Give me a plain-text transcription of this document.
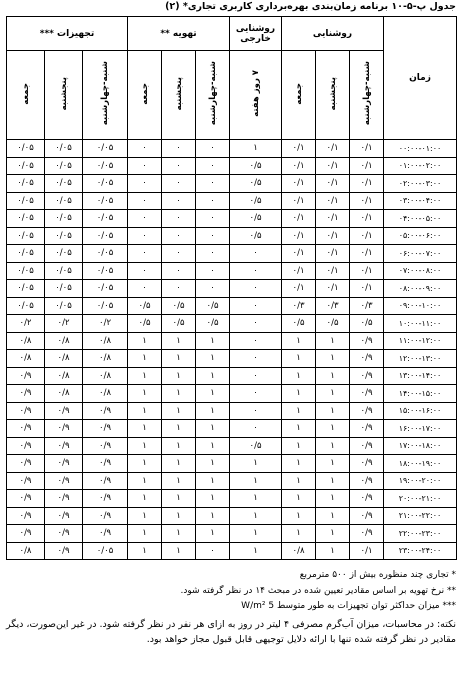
جدول پ‑۵‑۱۰ برنامه زمان‌بندی بهره‌برداری کاربری تجاری* (۲)
زمان	روشنایی			روشنایی خارجی	تهویه **			تجهیزات ***		
	شنبه-چهارشنبه	پنجشنبه	جمعه	۷ روز هفته	شنبه-چهارشنبه	پنجشنبه	جمعه	شنبه-چهارشنبه	پنجشنبه	جمعه
۰۰:۰۰-۰۱:۰۰	۰/۱	۰/۱	۰/۱	۱	۰	۰	۰	۰/۰۵	۰/۰۵	۰/۰۵
۰۱:۰۰-۰۲:۰۰	۰/۱	۰/۱	۰/۱	۰/۵	۰	۰	۰	۰/۰۵	۰/۰۵	۰/۰۵
۰۲:۰۰-۰۳:۰۰	۰/۱	۰/۱	۰/۱	۰/۵	۰	۰	۰	۰/۰۵	۰/۰۵	۰/۰۵
۰۳:۰۰-۰۴:۰۰	۰/۱	۰/۱	۰/۱	۰/۵	۰	۰	۰	۰/۰۵	۰/۰۵	۰/۰۵
۰۴:۰۰-۰۵:۰۰	۰/۱	۰/۱	۰/۱	۰/۵	۰	۰	۰	۰/۰۵	۰/۰۵	۰/۰۵
۰۵:۰۰-۰۶:۰۰	۰/۱	۰/۱	۰/۱	۰/۵	۰	۰	۰	۰/۰۵	۰/۰۵	۰/۰۵
۰۶:۰۰-۰۷:۰۰	۰/۱	۰/۱	۰/۱	۰	۰	۰	۰	۰/۰۵	۰/۰۵	۰/۰۵
۰۷:۰۰-۰۸:۰۰	۰/۱	۰/۱	۰/۱	۰	۰	۰	۰	۰/۰۵	۰/۰۵	۰/۰۵
۰۸:۰۰-۰۹:۰۰	۰/۱	۰/۱	۰/۱	۰	۰	۰	۰	۰/۰۵	۰/۰۵	۰/۰۵
۰۹:۰۰-۱۰:۰۰	۰/۳	۰/۳	۰/۳	۰	۰/۵	۰/۵	۰/۵	۰/۰۵	۰/۰۵	۰/۰۵
۱۰:۰۰-۱۱:۰۰	۰/۵	۰/۵	۰/۵	۰	۰/۵	۰/۵	۰/۵	۰/۲	۰/۲	۰/۲
۱۱:۰۰-۱۲:۰۰	۰/۹	۱	۱	۰	۱	۱	۱	۰/۸	۰/۸	۰/۸
۱۲:۰۰-۱۳:۰۰	۰/۹	۱	۱	۰	۱	۱	۱	۰/۸	۰/۸	۰/۸
۱۳:۰۰-۱۴:۰۰	۰/۹	۱	۱	۰	۱	۱	۱	۰/۸	۰/۸	۰/۹
۱۴:۰۰-۱۵:۰۰	۰/۹	۱	۱	۰	۱	۱	۱	۰/۸	۰/۸	۰/۹
۱۵:۰۰-۱۶:۰۰	۰/۹	۱	۱	۰	۱	۱	۱	۰/۹	۰/۹	۰/۹
۱۶:۰۰-۱۷:۰۰	۰/۹	۱	۱	۰	۱	۱	۱	۰/۹	۰/۹	۰/۹
۱۷:۰۰-۱۸:۰۰	۰/۹	۱	۱	۰/۵	۱	۱	۱	۰/۹	۰/۹	۰/۹
۱۸:۰۰-۱۹:۰۰	۰/۹	۱	۱	۱	۱	۱	۱	۰/۹	۰/۹	۰/۹
۱۹:۰۰-۲۰:۰۰	۰/۹	۱	۱	۱	۱	۱	۱	۰/۹	۰/۹	۰/۹
۲۰:۰۰-۲۱:۰۰	۰/۹	۱	۱	۱	۱	۱	۱	۰/۹	۰/۹	۰/۹
۲۱:۰۰-۲۲:۰۰	۰/۹	۱	۱	۱	۱	۱	۱	۰/۹	۰/۹	۰/۹
۲۲:۰۰-۲۳:۰۰	۰/۹	۱	۱	۱	۱	۱	۱	۰/۹	۰/۹	۰/۹
۲۳:۰۰-۲۴:۰۰	۰/۱	۱	۰/۸	۱	۰	۱	۱	۰/۰۵	۰/۹	۰/۸

* تجاری چند منظوره بیش از ۵۰۰ مترمربع

** نرخ تهویه بر اساس مقادیر تعیین شده در مبحث ۱۴ در نظر گرفته شود.

*** میزان حداکثر توان تجهیزات به طور متوسط 5 W/m²

نکته: در محاسبات، میزان آب‌گرم مصرفی ۴ لیتر در روز به ازای هر نفر در نظر گرفته شود. در غیر این‌صورت، دیگر مقادیر در نظر گرفته شده تنها با ارائه دلایل توجیهی قابل قبول مجاز خواهد بود.
